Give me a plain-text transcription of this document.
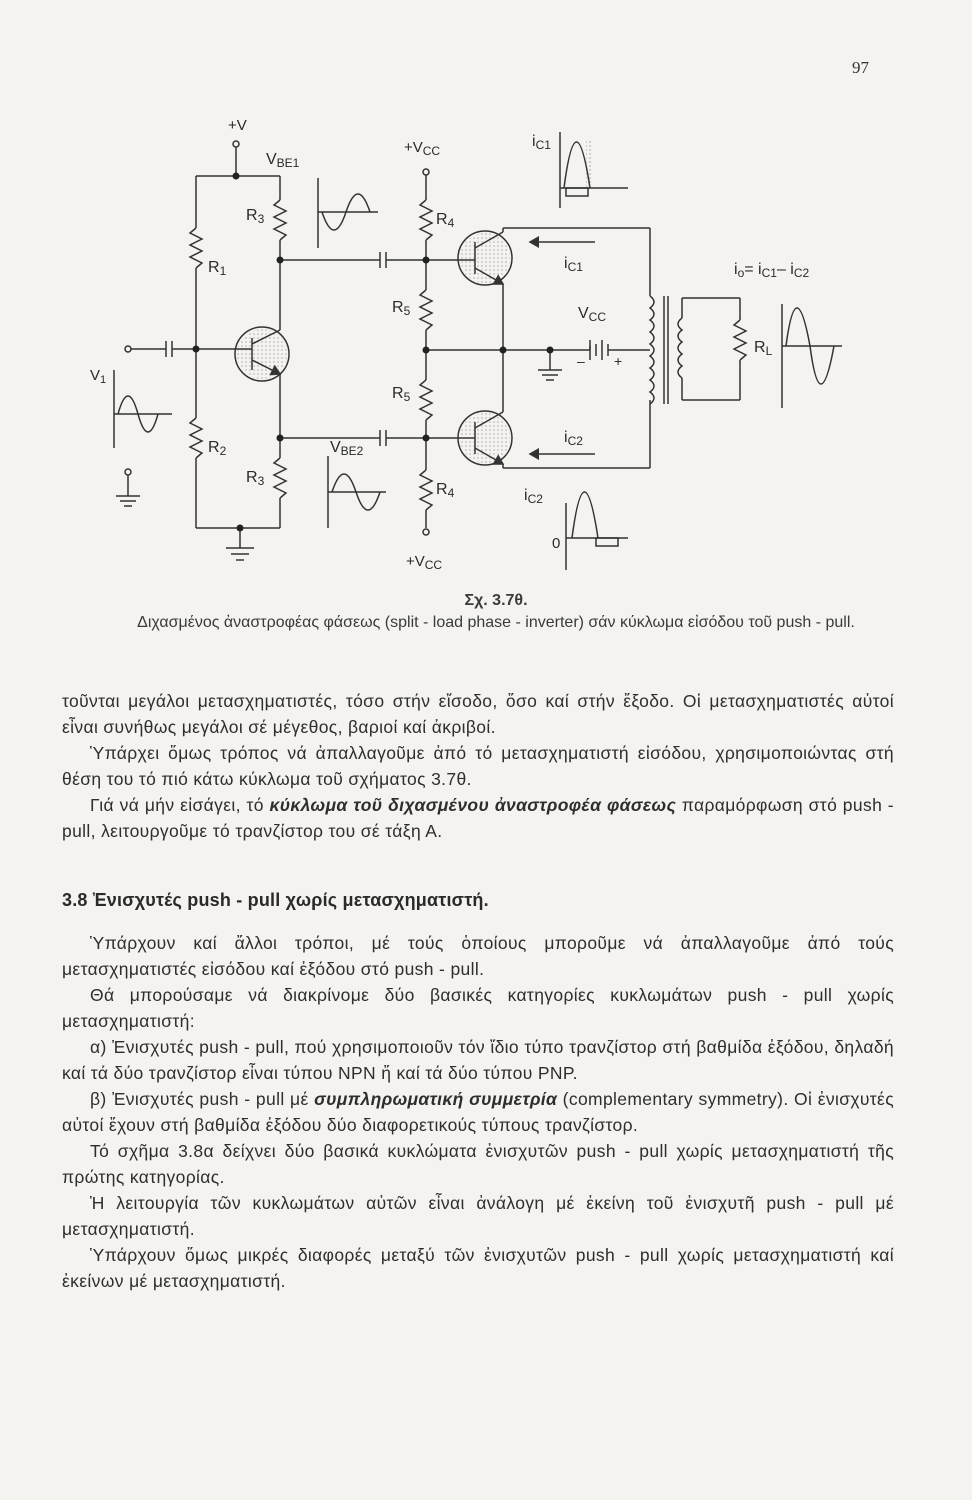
97
+V
VBE1
$+V_{CC}$
iC1
R3	R4
R1
R5
iC1	io= iC1– iC2
VCC
RL
$V_1$
R5
R2
iC2
VBE2
R3	R4	iC2
0
$+V_{CC}$
+
–
Σχ. 3.7θ.
Διχασμένος ἀναστροφέας φάσεως (split - load phase - inverter) σάν κύκλωμα εἰσόδου τοῦ push - pull.

τοῦνται μεγάλοι μετασχηματιστές, τόσο στήν εἴσοδο, ὅσο καί στήν ἔξοδο. Οἱ μετασχηματιστές αὐτοί εἶναι συνήθως μεγάλοι σέ μέγεθος, βαριοί καί ἀκριβοί.

Ὑπάρχει ὅμως τρόπος νά ἀπαλλαγοῦμε ἀπό τό μετασχηματιστή εἰσόδου, χρησιμοποιώντας στή θέση του τό πιό κάτω κύκλωμα τοῦ σχήματος 3.7θ.

Γιά νά μήν εἰσάγει, τό κύκλωμα τοῦ διχασμένου ἀναστροφέα φάσεως παραμόρφωση στό push - pull, λειτουργοῦμε τό τρανζίστορ του σέ τάξη Α.

3.8 Ἐνισχυτές push - pull χωρίς μετασχηματιστή.

Ὑπάρχουν καί ἄλλοι τρόποι, μέ τούς ὁποίους μποροῦμε νά ἀπαλλαγοῦμε ἀπό τούς μετασχηματιστές εἰσόδου καί ἐξόδου στό push - pull.

Θά μπορούσαμε νά διακρίνομε δύο βασικές κατηγορίες κυκλωμάτων push - pull χωρίς μετασχηματιστή:

α) Ἐνισχυτές push - pull, πού χρησιμοποιοῦν τόν ἴδιο τύπο τρανζίστορ στή βαθμίδα ἐξόδου, δηλαδή καί τά δύο τρανζίστορ εἶναι τύπου NPN ἤ καί τά δύο τύπου PNP.

β) Ἐνισχυτές push - pull μέ συμπληρωματική συμμετρία (complementary symmetry). Οἱ ἐνισχυτές αὐτοί ἔχουν στή βαθμίδα ἐξόδου δύο διαφορετικούς τύπους τρανζίστορ.

Τό σχῆμα 3.8α δείχνει δύο βασικά κυκλώματα ἐνισχυτῶν push - pull χωρίς μετασχηματιστή τῆς πρώτης κατηγορίας.

Ἡ λειτουργία τῶν κυκλωμάτων αὐτῶν εἶναι ἀνάλογη μέ ἐκείνη τοῦ ἐνισχυτῆ push - pull μέ μετασχηματιστή.

Ὑπάρχουν ὅμως μικρές διαφορές μεταξύ τῶν ἐνισχυτῶν push - pull χωρίς μετασχηματιστή καί ἐκείνων μέ μετασχηματιστή.
